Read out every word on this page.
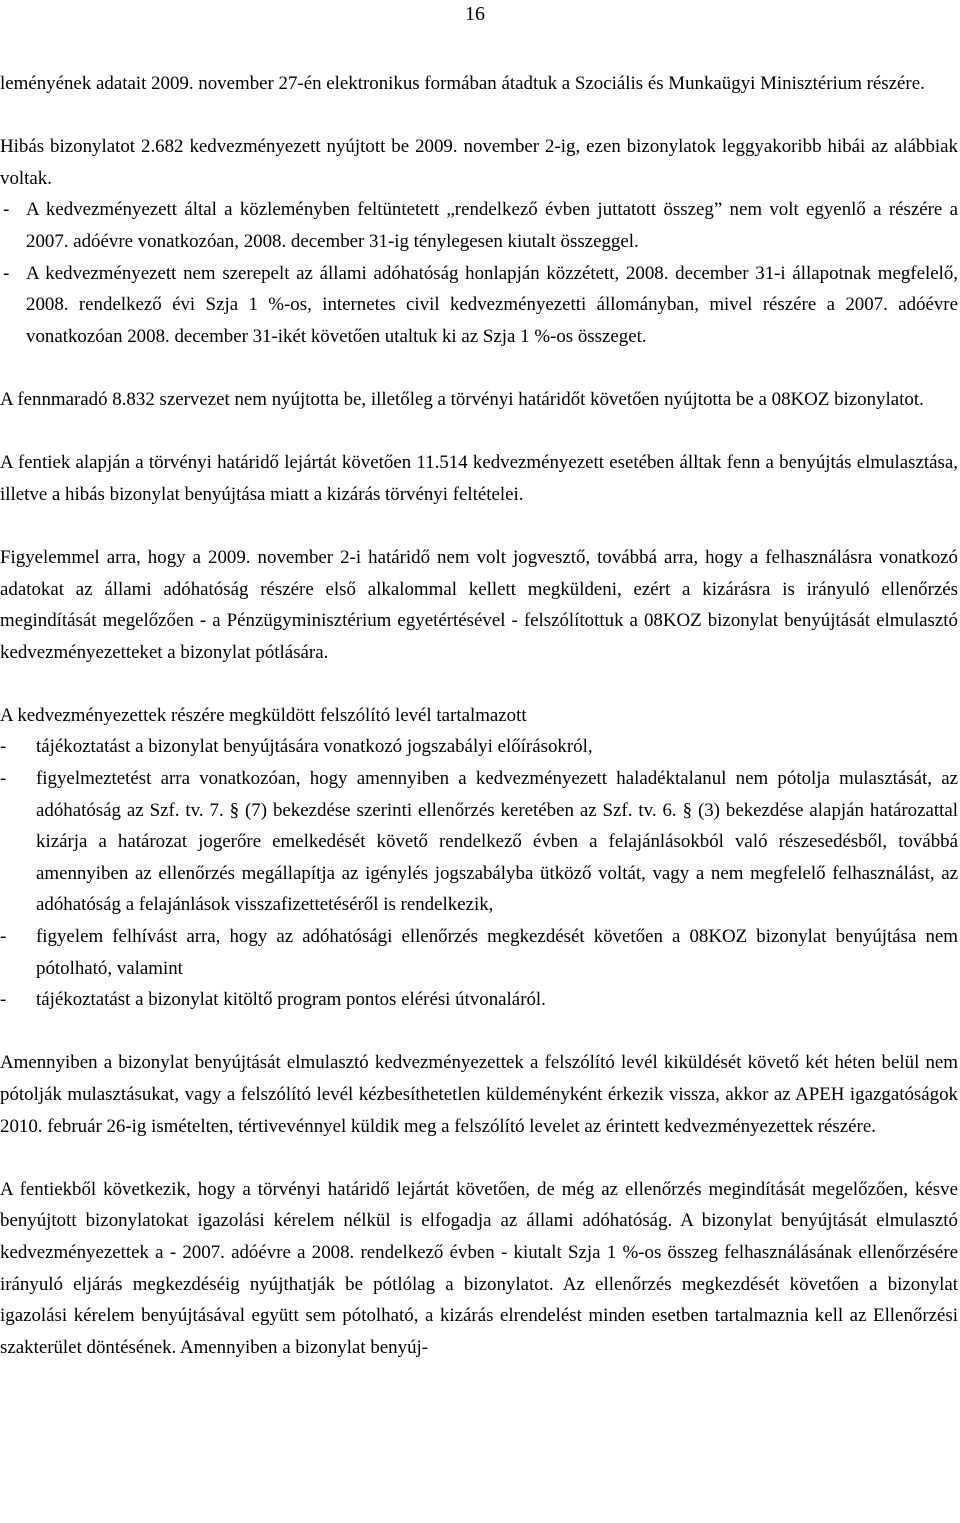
16

leményének adatait 2009. november 27-én elektronikus formában átadtuk a Szociális és Munkaügyi Minisztérium részére.

Hibás bizonylatot 2.682 kedvezményezett nyújtott be 2009. november 2-ig, ezen bizonylatok leggyakoribb hibái az alábbiak voltak.

- A kedvezményezett által a közleményben feltüntetett „rendelkező évben juttatott összeg” nem volt egyenlő a részére a 2007. adóévre vonatkozóan, 2008. december 31-ig ténylegesen kiutalt összeggel.
- A kedvezményezett nem szerepelt az állami adóhatóság honlapján közzétett, 2008. december 31-i állapotnak megfelelő, 2008. rendelkező évi Szja 1 %-os, internetes civil kedvezményezetti állományban, mivel részére a 2007. adóévre vonatkozóan 2008. december 31-ikét követően utaltuk ki az Szja 1 %-os összeget.

A fennmaradó 8.832 szervezet nem nyújtotta be, illetőleg a törvényi határidőt követően nyújtotta be a 08KOZ bizonylatot.

A fentiek alapján a törvényi határidő lejártát követően 11.514 kedvezményezett esetében álltak fenn a benyújtás elmulasztása, illetve a hibás bizonylat benyújtása miatt a kizárás törvényi feltételei.

Figyelemmel arra, hogy a 2009. november 2-i határidő nem volt jogvesztő, továbbá arra, hogy a felhasználásra vonatkozó adatokat az állami adóhatóság részére első alkalommal kellett megküldeni, ezért a kizárásra is irányuló ellenőrzés megindítását megelőzően - a Pénzügyminisztérium egyetértésével - felszólítottuk a 08KOZ bizonylat benyújtását elmulasztó kedvezményezetteket a bizonylat pótlására.

A kedvezményezettek részére megküldött felszólító levél tartalmazott

- tájékoztatást a bizonylat benyújtására vonatkozó jogszabályi előírásokról,
- figyelmeztetést arra vonatkozóan, hogy amennyiben a kedvezményezett haladéktalanul nem pótolja mulasztását, az adóhatóság az Szf. tv. 7. § (7) bekezdése szerinti ellenőrzés keretében az Szf. tv. 6. § (3) bekezdése alapján határozattal kizárja a határozat jogerőre emelkedését követő rendelkező évben a felajánlásokból való részesedésből, továbbá amennyiben az ellenőrzés megállapítja az igénylés jogszabályba ütköző voltát, vagy a nem megfelelő felhasználást, az adóhatóság a felajánlások visszafizettetéséről is rendelkezik,
- figyelem felhívást arra, hogy az adóhatósági ellenőrzés megkezdését követően a 08KOZ bizonylat benyújtása nem pótolható, valamint
- tájékoztatást a bizonylat kitöltő program pontos elérési útvonaláról.

Amennyiben a bizonylat benyújtását elmulasztó kedvezményezettek a felszólító levél kiküldését követő két héten belül nem pótolják mulasztásukat, vagy a felszólító levél kézbesíthetetlen küldeményként érkezik vissza, akkor az APEH igazgatóságok 2010. február 26-ig ismételten, tértivevénnyel küldik meg a felszólító levelet az érintett kedvezményezettek részére.

A fentiekből következik, hogy a törvényi határidő lejártát követően, de még az ellenőrzés megindítását megelőzően, késve benyújtott bizonylatokat igazolási kérelem nélkül is elfogadja az állami adóhatóság. A bizonylat benyújtását elmulasztó kedvezményezettek a - 2007. adóévre a 2008. rendelkező évben - kiutalt Szja 1 %-os összeg felhasználásának ellenőrzésére irányuló eljárás megkezdéséig nyújthatják be pótlólag a bizonylatot. Az ellenőrzés megkezdését követően a bizonylat igazolási kérelem benyújtásával együtt sem pótolható, a kizárás elrendelést minden esetben tartalmaznia kell az Ellenőrzési szakterület döntésének. Amennyiben a bizonylat benyúj-
